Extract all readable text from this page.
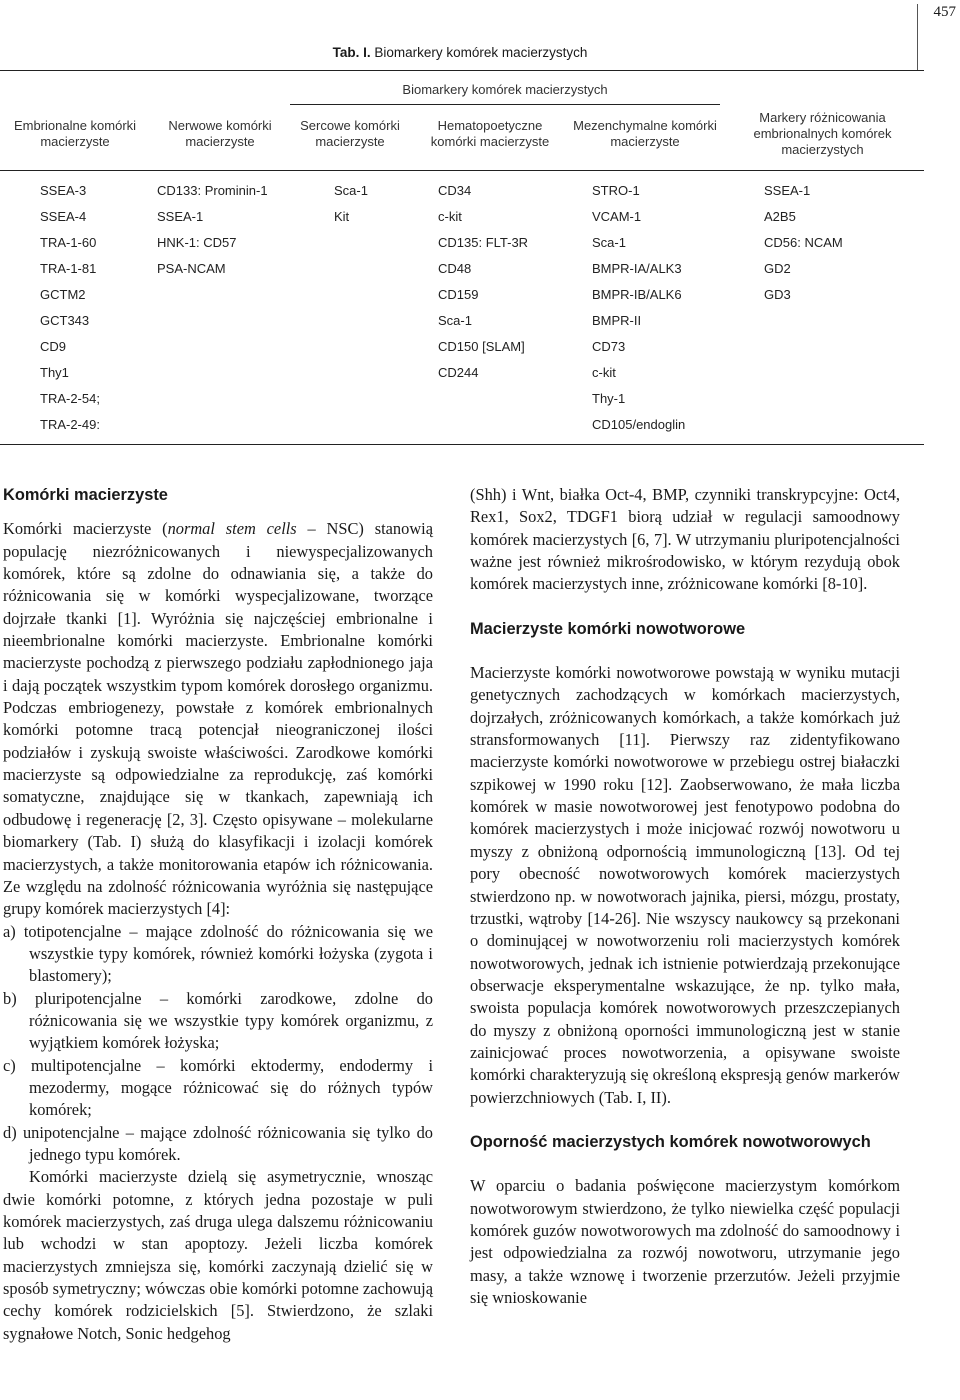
457
Tab. I. Biomarkery komórek macierzystych
Biomarkery komórek macierzystych
Embrionalne komórki macierzyste
Nerwowe komórki macierzyste
Sercowe komórki macierzyste
Hematopoetyczne komórki macierzyste
Mezenchymalne komórki macierzyste
Markery różnicowania embrionalnych komórek macierzystych
SSEA-3
SSEA-4
TRA-1-60
TRA-1-81
GCTM2
GCT343
CD9
Thy1
TRA-2-54;
TRA-2-49:
CD133: Prominin-1
SSEA-1
HNK-1: CD57
PSA-NCAM
Sca-1
Kit
CD34
c-kit
CD135: FLT-3R
CD48
CD159
Sca-1
CD150 [SLAM]
CD244
STRO-1
VCAM-1
Sca-1
BMPR-IA/ALK3
BMPR-IB/ALK6
BMPR-II
CD73
c-kit
Thy-1
CD105/endoglin
SSEA-1
A2B5
CD56: NCAM
GD2
GD3
Komórki macierzyste

Komórki macierzyste (normal stem cells – NSC) stanowią populację niezróżnicowanych i niewyspecjalizowanych komórek, które są zdolne do odnawiania się, a także do różnicowania się w komórki wyspecjalizowane, tworzące dojrzałe tkanki [1]. Wyróżnia się najczęściej embrionalne i nieembrionalne komórki macierzyste. Embrionalne komórki macierzyste pochodzą z pierwszego podziału zapłodnionego jaja i dają początek wszystkim typom komórek dorosłego organizmu. Podczas embriogenezy, powstałe z komórek embrionalnych komórki potomne tracą potencjał nieograniczonej ilości podziałów i zyskują swoiste właściwości. Zarodkowe komórki macierzyste są odpowiedzialne za reprodukcję, zaś komórki somatyczne, znajdujące się w tkankach, zapewniają ich odbudowę i regenerację [2, 3]. Często opisywane – molekularne biomarkery (Tab. I) służą do klasyfikacji i izolacji komórek macierzystych, a także monitorowania etapów ich różnicowania. Ze względu na zdolność różnicowania wyróżnia się następujące grupy komórek macierzystych [4]:

a) totipotencjalne – mające zdolność do różnicowania się we wszystkie typy komórek, również komórki łożyska (zygota i blastomery);

b) pluripotencjalne – komórki zarodkowe, zdolne do różnicowania się we wszystkie typy komórek organizmu, z wyjątkiem komórek łożyska;

c) multipotencjalne – komórki ektodermy, endodermy i mezodermy, mogące różnicować się do różnych typów komórek;

d) unipotencjalne – mające zdolność różnicowania się tylko do jednego typu komórek.

Komórki macierzyste dzielą się asymetrycznie, wnosząc dwie komórki potomne, z których jedna pozostaje w puli komórek macierzystych, zaś druga ulega dalszemu różnicowaniu lub wchodzi w stan apoptozy. Jeżeli liczba komórek macierzystych zmniejsza się, komórki zaczynają dzielić się w sposób symetryczny; wówczas obie komórki potomne zachowują cechy komórek rodzicielskich [5]. Stwierdzono, że szlaki sygnałowe Notch, Sonic hedgehog

(Shh) i Wnt, białka Oct-4, BMP, czynniki transkrypcyjne: Oct4, Rex1, Sox2, TDGF1 biorą udział w regulacji samoodnowy komórek macierzystych [6, 7]. W utrzymaniu pluripotencjalności ważne jest również mikrośrodowisko, w którym rezydują obok komórek macierzystych inne, zróżnicowane komórki [8-10].

Macierzyste komórki nowotworowe

Macierzyste komórki nowotworowe powstają w wyniku mutacji genetycznych zachodzących w komórkach macierzystych, dojrzałych, zróżnicowanych komórkach, a także komórkach już stransformowanych [11]. Pierwszy raz zidentyfikowano macierzyste komórki nowotworowe w przebiegu ostrej białaczki szpikowej w 1990 roku [12]. Zaobserwowano, że mała liczba komórek w masie nowotworowej jest fenotypowo podobna do komórek macierzystych i może inicjować rozwój nowotworu u myszy z obniżoną odpornością immunologiczną [13]. Od tej pory obecność nowotworowych komórek macierzystych stwierdzono np. w nowotworach jajnika, piersi, mózgu, prostaty, trzustki, wątroby [14-26]. Nie wszyscy naukowcy są przekonani o dominującej w nowotworzeniu roli macierzystych komórek nowotworowych, jednak ich istnienie potwierdzają przekonujące obserwacje eksperymentalne wskazujące, że np. tylko mała, swoista populacja komórek nowotworowych przeszczepianych do myszy z obniżoną oporności immunologiczną jest w stanie zainicjować proces nowotworzenia, a opisywane swoiste komórki charakteryzują się określoną ekspresją genów markerów powierzchniowych (Tab. I, II).

Oporność macierzystych komórek nowotworowych

W oparciu o badania poświęcone macierzystym komórkom nowotworowym stwierdzono, że tylko niewielka część populacji komórek guzów nowotworowych ma zdolność do samoodnowy i jest odpowiedzialna za rozwój nowotworu, utrzymanie jego masy, a także wznowę i tworzenie przerzutów. Jeżeli przyjmie się wnioskowanie
